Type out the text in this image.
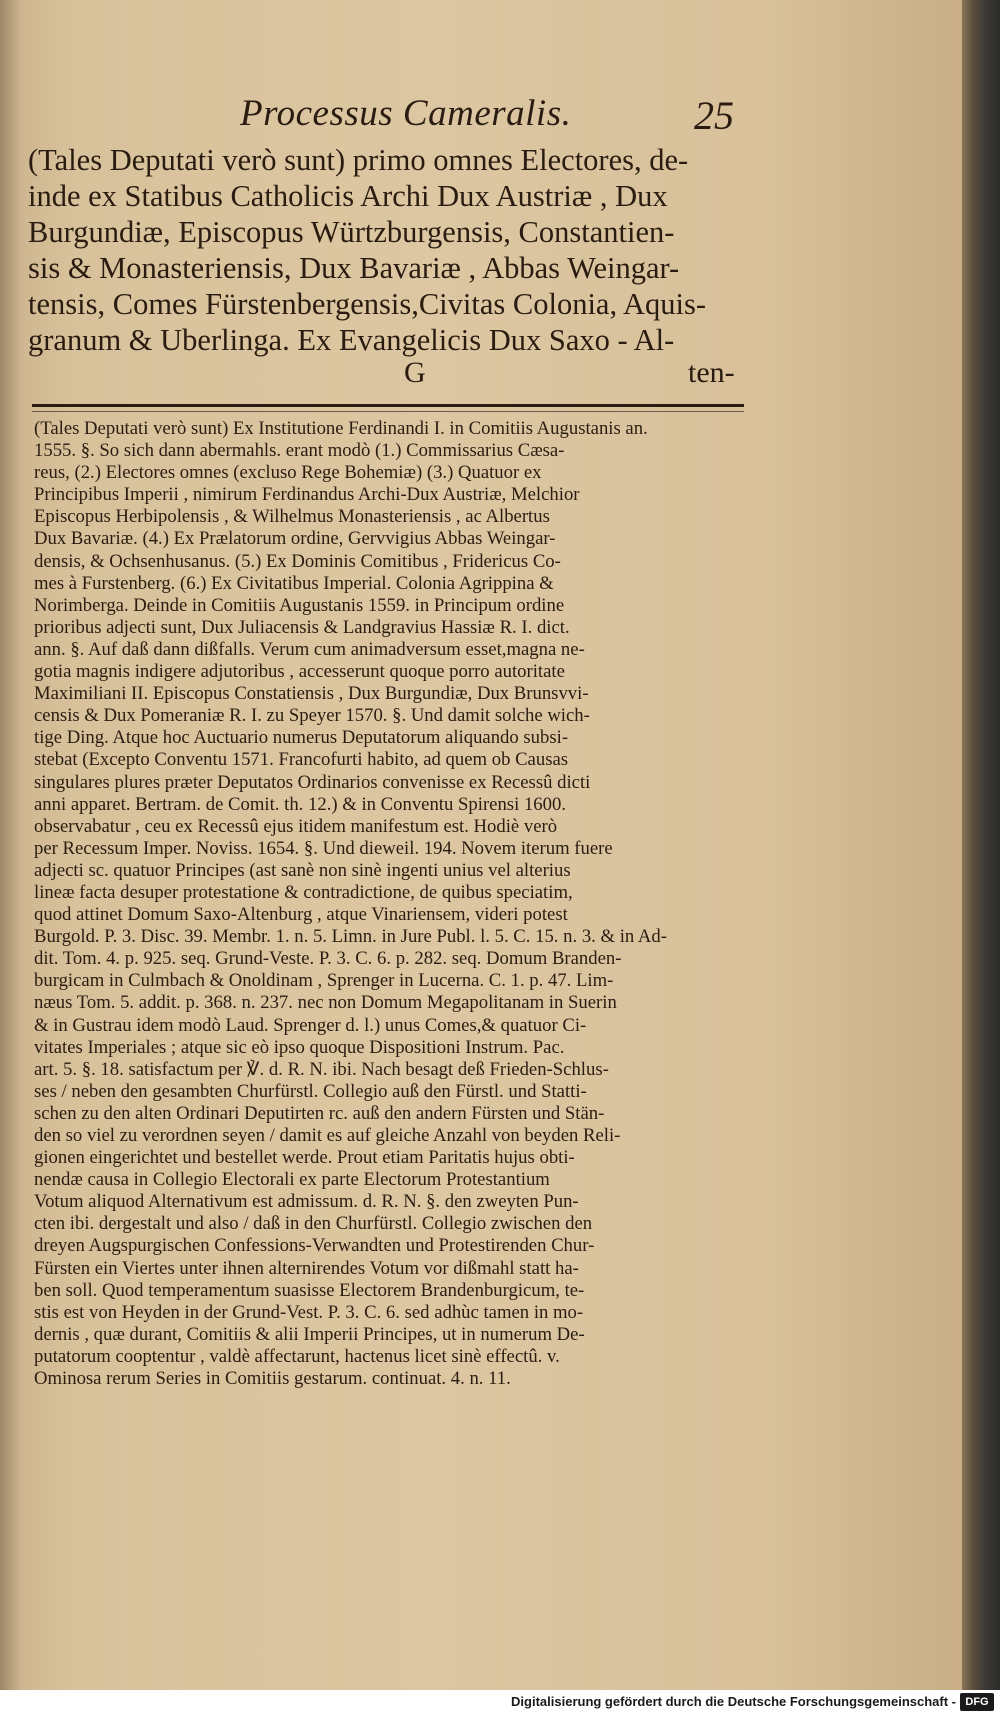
Processus Cameralis.	25
(Tales Deputati verò sunt) primo omnes Electores, de-
inde ex Statibus Catholicis Archi Dux Austriæ , Dux
Burgundiæ, Episcopus Würtzburgensis, Constantien-
sis & Monasteriensis, Dux Bavariæ , Abbas Weingar-
tensis, Comes Fürstenbergensis,Civitas Colonia, Aquis-
granum & Uberlinga. Ex Evangelicis Dux Saxo - Al-
G	ten-
(Tales Deputati verò sunt) Ex Institutione Ferdinandi I. in Comitiis Augustanis an.
1555. §. So sich dann abermahls. erant modò (1.) Commissarius Cæsa-
reus, (2.) Electores omnes (excluso Rege Bohemiæ) (3.) Quatuor ex
Principibus Imperii , nimirum Ferdinandus Archi-Dux Austriæ, Melchior
Episcopus Herbipolensis , & Wilhelmus Monasteriensis , ac Albertus
Dux Bavariæ. (4.) Ex Prælatorum ordine, Gervvigius Abbas Weingar-
densis, & Ochsenhusanus. (5.) Ex Dominis Comitibus , Fridericus Co-
mes à Furstenberg. (6.) Ex Civitatibus Imperial. Colonia Agrippina &
Norimberga. Deinde in Comitiis Augustanis 1559. in Principum ordine
prioribus adjecti sunt, Dux Juliacensis & Landgravius Hassiæ R. I. dict.
ann. §. Auf daß dann dißfalls. Verum cum animadversum esset,magna ne-
gotia magnis indigere adjutoribus , accesserunt quoque porro autoritate
Maximiliani II. Episcopus Constatiensis , Dux Burgundiæ, Dux Brunsvvi-
censis & Dux Pomeraniæ R. I. zu Speyer 1570. §. Und damit solche wich-
tige Ding. Atque hoc Auctuario numerus Deputatorum aliquando subsi-
stebat (Excepto Conventu 1571. Francofurti habito, ad quem ob Causas
singulares plures præter Deputatos Ordinarios convenisse ex Recessû dicti
anni apparet. Bertram. de Comit. th. 12.) & in Conventu Spirensi 1600.
observabatur , ceu ex Recessû ejus itidem manifestum est. Hodiè verò
per Recessum Imper. Noviss. 1654. §. Und dieweil. 194. Novem iterum fuere
adjecti sc. quatuor Principes (ast sanè non sinè ingenti unius vel alterius
lineæ facta desuper protestatione & contradictione, de quibus speciatim,
quod attinet Domum Saxo-Altenburg , atque Vinariensem, videri potest
Burgold. P. 3. Disc. 39. Membr. 1. n. 5. Limn. in Jure Publ. l. 5. C. 15. n. 3. & in Ad-
dit. Tom. 4. p. 925. seq. Grund-Veste. P. 3. C. 6. p. 282. seq. Domum Branden-
burgicam in Culmbach & Onoldinam , Sprenger in Lucerna. C. 1. p. 47. Lim-
næus Tom. 5. addit. p. 368. n. 237. nec non Domum Megapolitanam in Suerin
& in Gustrau idem modò Laud. Sprenger d. l.) unus Comes,& quatuor Ci-
vitates Imperiales ; atque sic eò ipso quoque Dispositioni Instrum. Pac.
art. 5. §. 18. satisfactum per ℣. d. R. N. ibi. Nach besagt deß Frieden-Schlus-
ses / neben den gesambten Churfürstl. Collegio auß den Fürstl. und Statti-
schen zu den alten Ordinari Deputirten rc. auß den andern Fürsten und Stän-
den so viel zu verordnen seyen / damit es auf gleiche Anzahl von beyden Reli-
gionen eingerichtet und bestellet werde. Prout etiam Paritatis hujus obti-
nendæ causa in Collegio Electorali ex parte Electorum Protestantium
Votum aliquod Alternativum est admissum. d. R. N. §. den zweyten Pun-
cten ibi. dergestalt und also / daß in den Churfürstl. Collegio zwischen den
dreyen Augspurgischen Confessions-Verwandten und Protestirenden Chur-
Fürsten ein Viertes unter ihnen alternirendes Votum vor dißmahl statt ha-
ben soll. Quod temperamentum suasisse Electorem Brandenburgicum, te-
stis est von Heyden in der Grund-Vest. P. 3. C. 6. sed adhùc tamen in mo-
dernis , quæ durant, Comitiis & alii Imperii Principes, ut in numerum De-
putatorum cooptentur , valdè affectarunt, hactenus licet sinè effectû. v.
Ominosa rerum Series in Comitiis gestarum. continuat. 4. n. 11.
Digitalisierung gefördert durch die Deutsche Forschungsgemeinschaft - DFG
